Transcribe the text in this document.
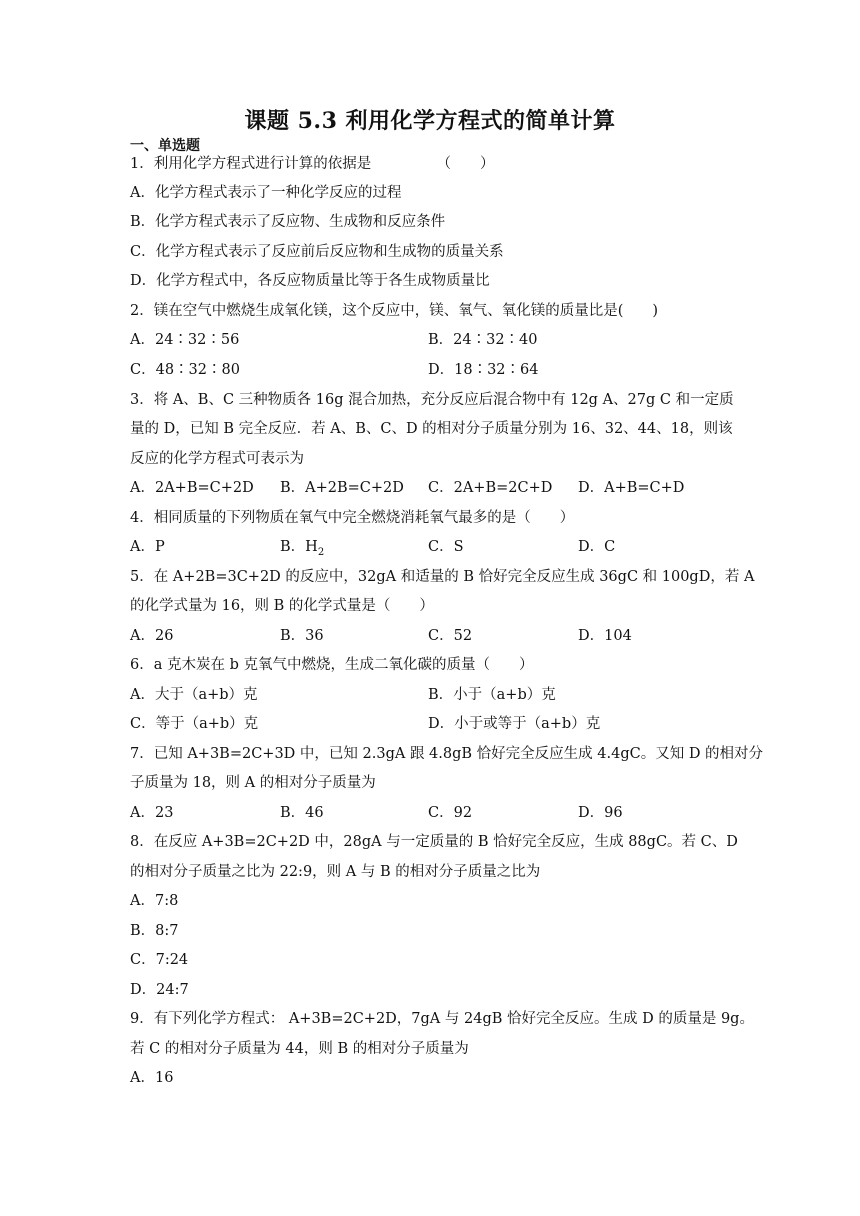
课题 5.3 利用化学方程式的简单计算
一、单选题
1．利用化学方程式进行计算的依据是　　　　　（　　）
A．化学方程式表示了一种化学反应的过程
B．化学方程式表示了反应物、生成物和反应条件
C．化学方程式表示了反应前后反应物和生成物的质量关系
D．化学方程式中，各反应物质量比等于各生成物质量比
2．镁在空气中燃烧生成氧化镁，这个反应中，镁、氧气、氧化镁的质量比是(　　)
A．24∶32∶56	B．24∶32∶40
C．48∶32∶80	D．18∶32∶64
3．将 A、B、C 三种物质各 16g 混合加热，充分反应后混合物中有 12g A、27g C 和一定质
量的 D，已知 B 完全反应．若 A、B、C、D 的相对分子质量分别为 16、32、44、18，则该
反应的化学方程式可表示为
A．2A+B=C+2D B．A+2B=C+2D C．2A+B=2C+D D．A+B=C+D
4．相同质量的下列物质在氧气中完全燃烧消耗氧气最多的是（　　）
A．P	B．$H_2$	C．S	D．C
5．在 A+2B=3C+2D 的反应中，32gA 和适量的 B 恰好完全反应生成 36gC 和 100gD，若 A
的化学式量为 16，则 B 的化学式量是（　　）
A．26	B．36	C．52	D．104
6．a 克木炭在 b 克氧气中燃烧，生成二氧化碳的质量（　　）
A．大于（a+b）克	B．小于（a+b）克
C．等于（a+b）克	D．小于或等于（a+b）克
7．已知 A+3B=2C+3D 中，已知 2.3gA 跟 4.8gB 恰好完全反应生成 4.4gC。又知 D 的相对分
子质量为 18，则 A 的相对分子质量为
A．23	B．46	C．92	D．96
8．在反应 A+3B=2C+2D 中，28gA 与一定质量的 B 恰好完全反应，生成 88gC。若 C、D
的相对分子质量之比为 22:9，则 A 与 B 的相对分子质量之比为
A．7:8
B．8:7
C．7:24
D．24:7
9．有下列化学方程式： A+3B=2C+2D，7gA 与 24gB 恰好完全反应。生成 D 的质量是 9g。
若 C 的相对分子质量为 44，则 B 的相对分子质量为
A．16
